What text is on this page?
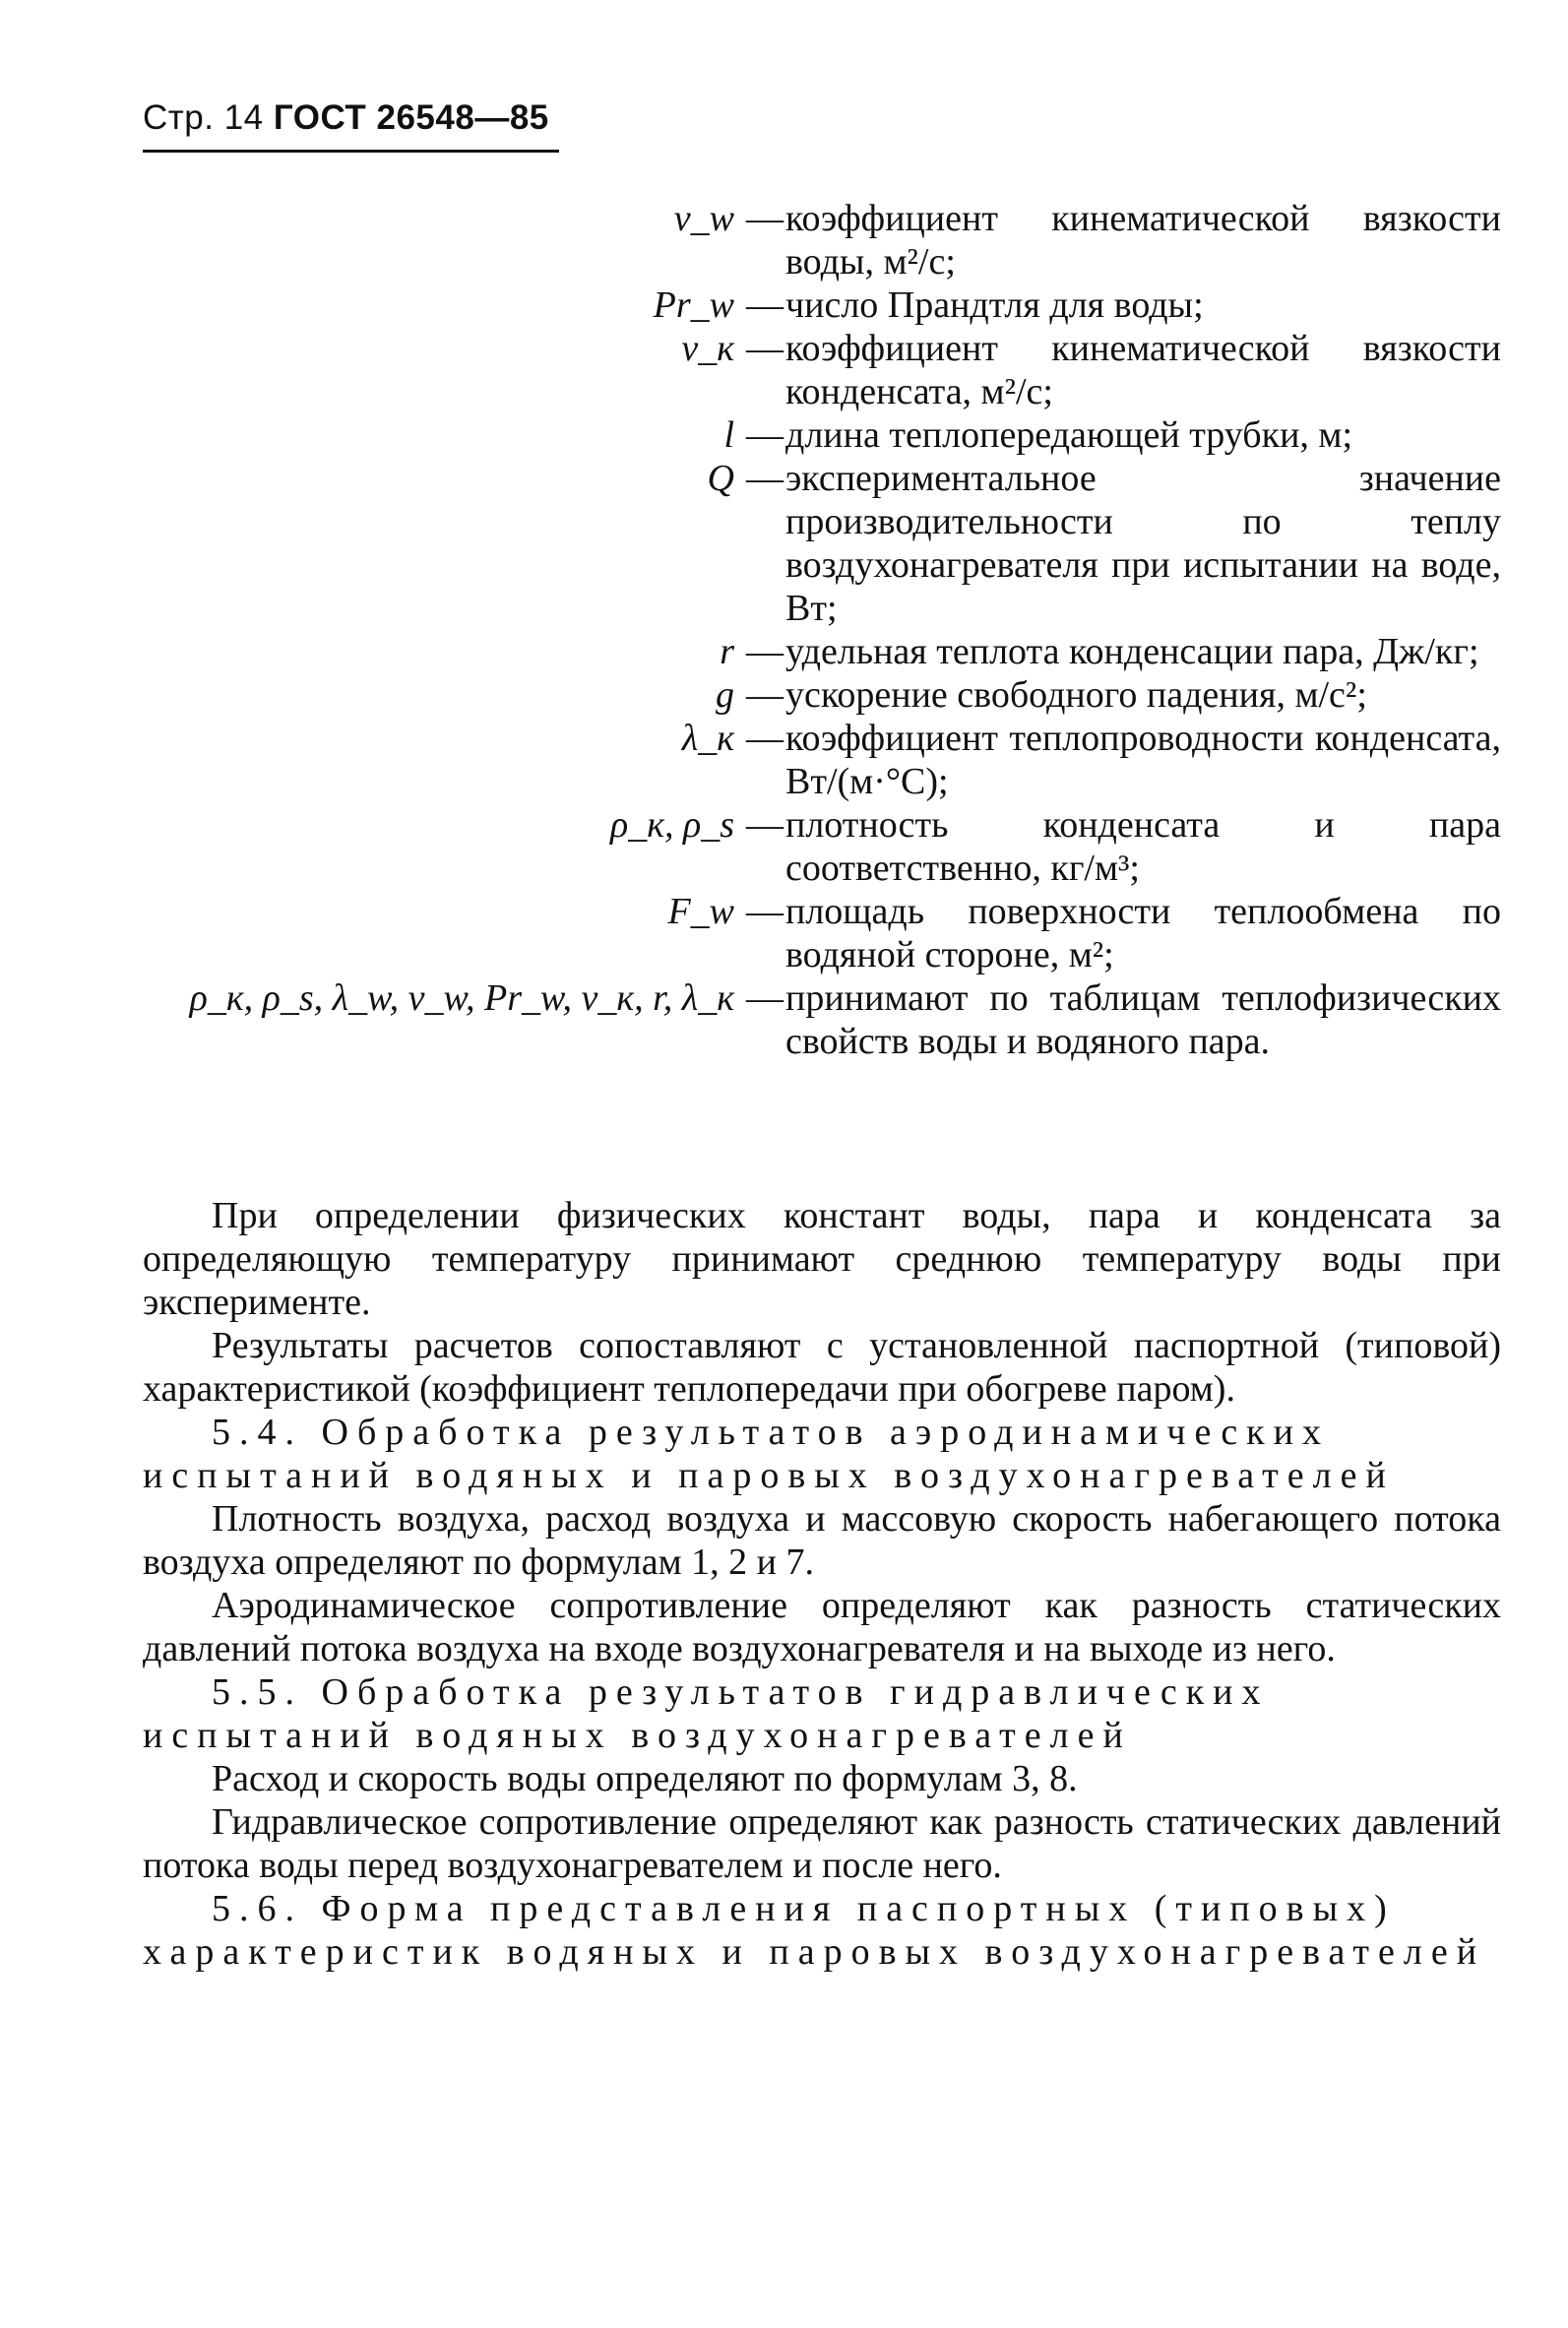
Стр. 14 ГОСТ 26548—85
ν_w — коэффициент кинематической вязкости воды, м²/с;
Pr_w — число Прандтля для воды;
ν_к — коэффициент кинематической вязкости конденсата, м²/с;
l — длина теплопередающей трубки, м;
Q — экспериментальное значение производительности по теплу воздухонагревателя при испытании на воде, Вт;
r — удельная теплота конденсации пара, Дж/кг;
g — ускорение свободного падения, м/с²;
λ_к — коэффициент теплопроводности конденсата, Вт/(м·°С);
ρ_к, ρ_s — плотность конденсата и пара соответственно, кг/м³;
F_w — площадь поверхности теплообмена по водяной стороне, м²;
ρ_к, ρ_s, λ_w, ν_w, Pr_w, ν_к, r, λ_к — принимают по таблицам теплофизических свойств воды и водяного пара.

При определении физических констант воды, пара и конденсата за определяющую температуру принимают среднюю температуру воды при эксперименте.

Результаты расчетов сопоставляют с установленной паспортной (типовой) характеристикой (коэффициент теплопередачи при обогреве паром).

5.4. Обработка результатов аэродинамических испытаний водяных и паровых воздухонагревателей

Плотность воздуха, расход воздуха и массовую скорость набегающего потока воздуха определяют по формулам 1, 2 и 7.

Аэродинамическое сопротивление определяют как разность статических давлений потока воздуха на входе воздухонагревателя и на выходе из него.

5.5. Обработка результатов гидравлических испытаний водяных воздухонагревателей

Расход и скорость воды определяют по формулам 3, 8.

Гидравлическое сопротивление определяют как разность статических давлений потока воды перед воздухонагревателем и после него.

5.6. Форма представления паспортных (типовых) характеристик водяных и паровых воздухонагревателей
